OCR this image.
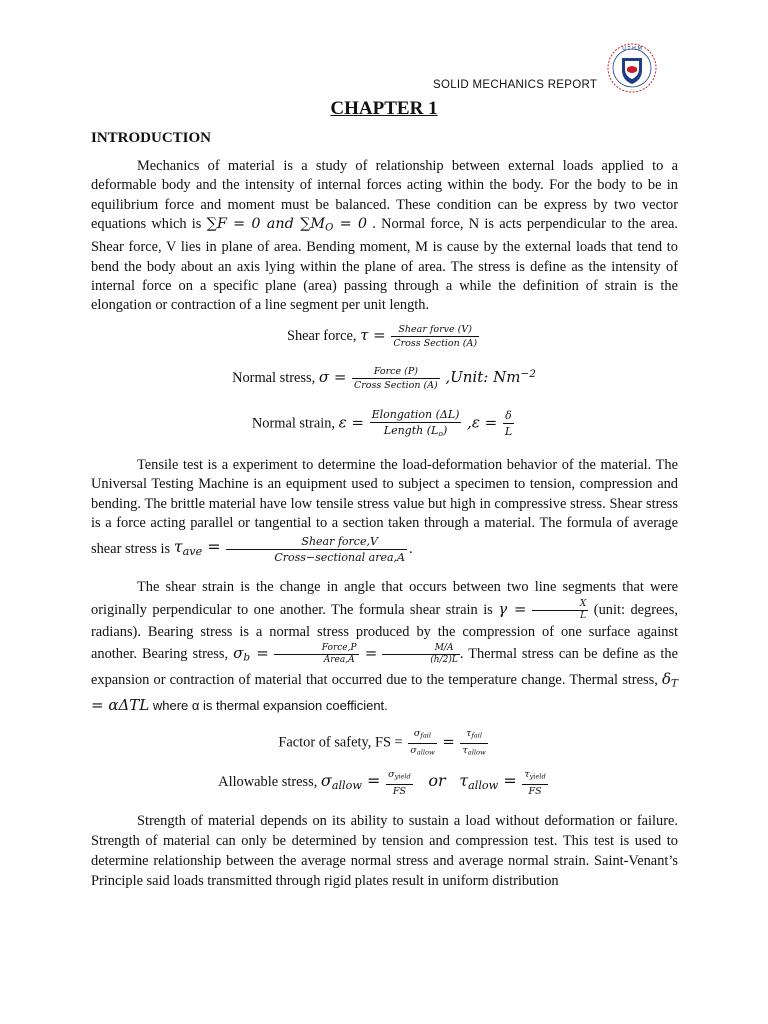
U T H M
SOLID MECHANICS REPORT
CHAPTER 1
INTRODUCTION

Mechanics of material is a study of relationship between external loads applied to a deformable body and the intensity of internal forces acting within the body. For the body to be in equilibrium force and moment must be balanced. These condition can be express by two vector equations which is ∑F = 0 and $\sum M_O = 0$ . Normal force, N is acts perpendicular to the area. Shear force, V lies in plane of area. Bending moment, M is cause by the external loads that tend to bend the body about an axis lying within the plane of area. The stress is define as the intensity of internal force on a specific plane (area) passing through a while the definition of strain is the elongation or contraction of a line segment per unit length.

Shear force, $\tau = \frac{\text{Shear forve (V)}}{\text{Cross Section (A)}}$
Normal stress, $\sigma = \frac{\text{Force (P)}}{\text{Cross Section (A)}}$ ,Unit: $Nm^{-2}$
Normal strain, $\varepsilon = \frac{\text{Elongation (ΔL)}}{Length (L_o)} ,\varepsilon = \frac{\delta}{L}$

Tensile test is a experiment to determine the load-deformation behavior of the material. The Universal Testing Machine is an equipment used to subject a specimen to tension, compression and bending. The brittle material have low tensile stress value but high in compressive stress. Shear stress is a force acting parallel or tangential to a section taken through a material. The formula of average shear stress is $\tau_{ave} = \frac{\text{Shear force,V}}{\text{Cross−sectional area,A}}$ .

The shear strain is the change in angle that occurs between two line segments that were originally perpendicular to one another. The formula shear strain is $\gamma = \frac{X}{L}$ (unit: degrees, radians). Bearing stress is a normal stress produced by the compression of one surface against another. Bearing stress, $\sigma_b = \frac{\text{Force,P}}{\text{Area,A}} = \frac{M/A}{(h/2)L}$ . Thermal stress can be define as the expansion or contraction of material that occurred due to the temperature change. Thermal stress, $\delta_T = \alpha\Delta TL$ where α is thermal expansion coefficient.

Factor of safety, FS = $\frac{\sigma_{fail}}{\sigma_{allow}} = \frac{\tau_{fail}}{\tau_{allow}}$
Allowable stress, $\sigma_{allow} = \frac{\sigma_{yield}}{FS}$ or $\tau_{allow} = \frac{\tau_{yield}}{FS}$

Strength of material depends on its ability to sustain a load without deformation or failure. Strength of material can only be determined by tension and compression test. This test is used to determine relationship between the average normal stress and average normal strain. Saint-Venant’s Principle said loads transmitted through rigid plates result in uniform distribution
